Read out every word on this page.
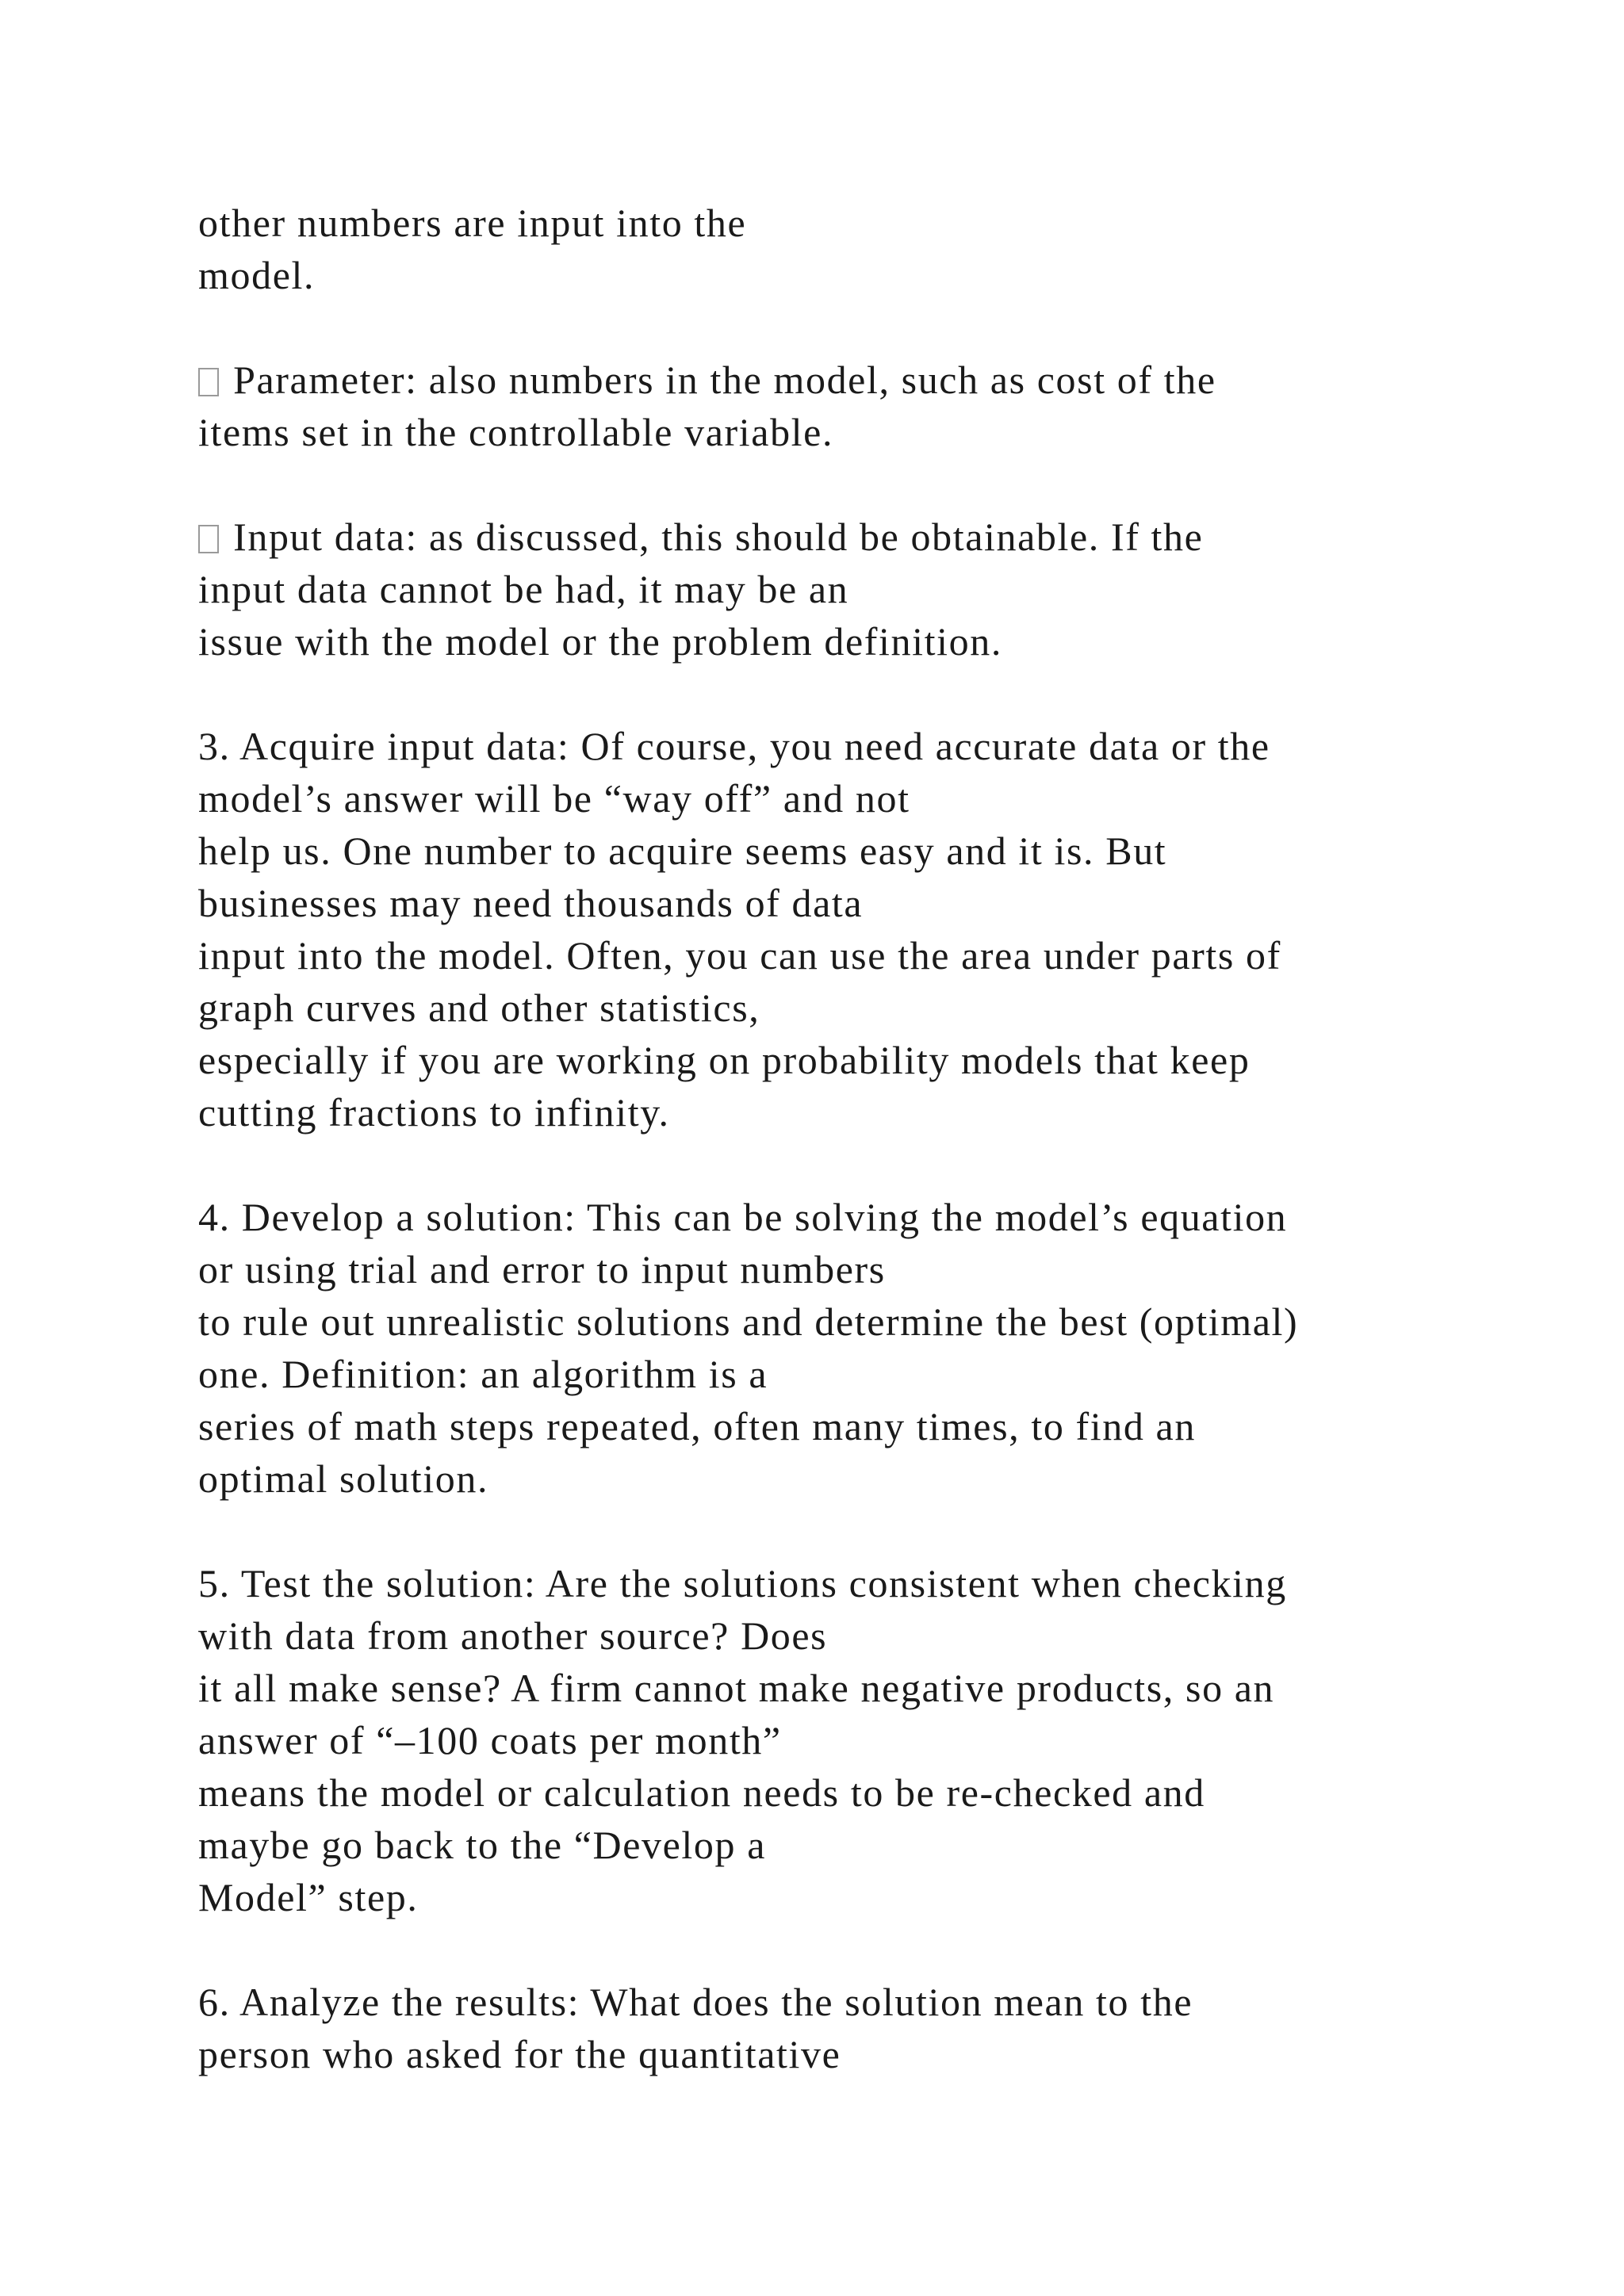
other numbers are input into the
model.
Parameter: also numbers in the model, such as cost of the
items set in the controllable variable.
Input data: as discussed, this should be obtainable. If the
input data cannot be had, it may be an
issue with the model or the problem definition.
3. Acquire input data: Of course, you need accurate data or the
model’s answer will be “way off” and not
help us. One number to acquire seems easy and it is. But
businesses may need thousands of data
input into the model. Often, you can use the area under parts of
graph curves and other statistics,
especially if you are working on probability models that keep
cutting fractions to infinity.
4. Develop a solution: This can be solving the model’s equation
or using trial and error to input numbers
to rule out unrealistic solutions and determine the best (optimal)
one. Definition: an algorithm is a
series of math steps repeated, often many times, to find an
optimal solution.
5. Test the solution: Are the solutions consistent when checking
with data from another source? Does
it all make sense? A firm cannot make negative products, so an
answer of “–100 coats per month”
means the model or calculation needs to be re-checked and
maybe go back to the “Develop a
Model” step.
6. Analyze the results: What does the solution mean to the
person who asked for the quantitative
